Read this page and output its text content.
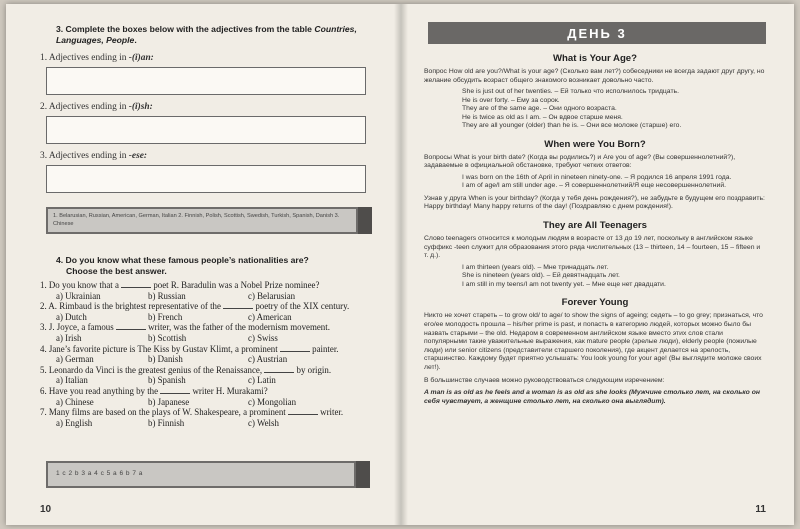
3. Complete the boxes below with the adjectives from the table Countries, Languages, People.
1. Adjectives ending in -(i)an:
2. Adjectives ending in -(i)sh:
3. Adjectives ending in -ese:
1. Belarusian, Russian, American, German, Italian 2. Finnish, Polish, Scottish, Swedish, Turkish, Spanish, Danish 3. Chinese
4. Do you know what these famous people’s nationalities are?
Choose the best answer.
1. Do you know that a	poet R. Baradulin was a Nobel Prize nominee?
a) Ukrainian	b) Russian	c) Belarusian
2. A. Rimbaud is the brightest representative of the	poetry of the XIX century.
a) Dutch	b) French	c) American
3. J. Joyce, a famous	writer, was the father of the modernism movement.
a) Irish	b) Scottish	c) Swiss
4. Jane’s favorite picture is The Kiss by Gustav Klimt, a prominent	painter.
a) German	b) Danish	c) Austrian
5. Leonardo da Vinci is the greatest genius of the Renaissance,	by origin.
a) Italian	b) Spanish	c) Latin
6. Have you read anything by the	writer H. Murakami?
a) Chinese	b) Japanese	c) Mongolian
7. Many films are based on the plays of W. Shakespeare, a prominent	writer.
a) English	b) Finnish	c) Welsh
1 c 2 b 3 a 4 c 5 a 6 b 7 a
10
ДЕНЬ 3
What is Your Age?
Вопрос How old are you?/What is your age? (Сколько вам лет?) собеседники не всегда задают друг другу, но желание обсудить возраст общего знакомого возникает довольно часто.
She is just out of her twenties. – Ей только что исполнилось тридцать.
He is over forty. – Ему за сорок.
They are of the same age. – Они одного возраста.
He is twice as old as I am. – Он вдвое старше меня.
They are all younger (older) than he is. – Они все моложе (старше) его.
When were You Born?
Вопросы What is your birth date? (Когда вы родились?) и Are you of age? (Вы совершеннолетний?), задаваемые в официальной обстановке, требуют четких ответов:
I was born on the 16th of April in nineteen ninety-one. – Я родился 16 апреля 1991 года.
I am of age/I am still under age. – Я совершеннолетний/Я еще несовершеннолетний.
Узнав у друга When is your birthday? (Когда у тебя день рождения?), не забудьте в будущем его поздравить: Happy birthday! Many happy returns of the day! (Поздравляю с днем рождения!).
They are All Teenagers
Слово teenagers относится к молодым людям в возрасте от 13 до 19 лет, поскольку в английском языке суффикс -teen служит для образования этого ряда числительных (13 – thirteen, 14 – fourteen, 15 – fifteen и т. д.).
I am thirteen (years old). – Мне тринадцать лет.
She is nineteen (years old). – Ей девятнадцать лет.
I am still in my teens/I am not twenty yet. – Мне еще нет двадцати.
Forever Young
Никто не хочет стареть – to grow old/ to age/ to show the signs of ageing; седеть – to go grey; признаться, что его/ее молодость прошла – his/her prime is past, и попасть в категорию людей, которых можно было бы назвать старыми – the old. Недаром в современном английском языке вместо этих слов стали популярными такие уважительные выражения, как mature people (зрелые люди), elderly people (пожилые люди) или senior citizens (представители старшего поколения), где акцент делается на зрелость, старшинство. Каждому будет приятно услышать: You look young for your age! (Вы выглядите моложе своих лет!).
В большинстве случаев можно руководствоваться следующим изречением:
A man is as old as he feels and a woman is as old as she looks (Мужчине столько лет, на сколько он себя чувствует, а женщине столько лет, на сколько она выглядит).
11
